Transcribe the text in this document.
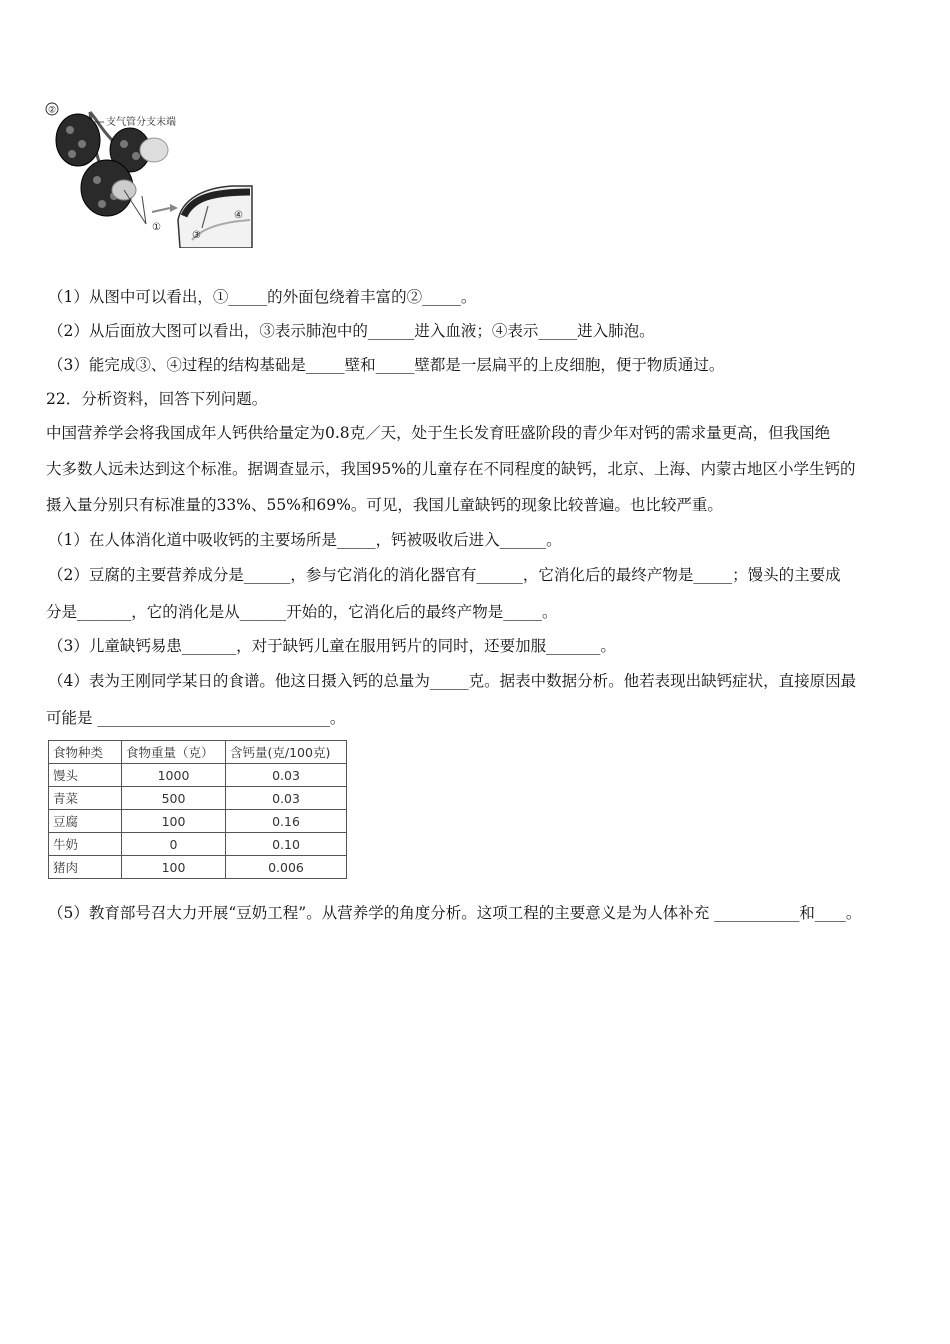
②
支气管分支末端
①
③
④
（1）从图中可以看出，①_____的外面包绕着丰富的②_____。
（2）从后面放大图可以看出，③表示肺泡中的______进入血液；④表示_____进入肺泡。
（3）能完成③、④过程的结构基础是_____壁和_____壁都是一层扁平的上皮细胞，便于物质通过。
22．分析资料，回答下列问题。
中国营养学会将我国成年人钙供给量定为0.8克／天，处于生长发育旺盛阶段的青少年对钙的需求量更高，但我国绝
大多数人远未达到这个标准。据调查显示，我国95%的儿童存在不同程度的缺钙，北京、上海、内蒙古地区小学生钙的
摄入量分别只有标准量的33%、55%和69%。可见，我国儿童缺钙的现象比较普遍。也比较严重。
（1）在人体消化道中吸收钙的主要场所是_____，钙被吸收后进入______。
（2）豆腐的主要营养成分是______，参与它消化的消化器官有______，它消化后的最终产物是_____；馒头的主要成
分是_______，它的消化是从______开始的，它消化后的最终产物是_____。
（3）儿童缺钙易患_______，对于缺钙儿童在服用钙片的同时，还要加服_______。
（4）表为王刚同学某日的食谱。他这日摄入钙的总量为_____克。据表中数据分析。他若表现出缺钙症状，直接原因最
可能是 ______________________________。
食物种类	食物重量（克）	含钙量(克/100克)
馒头	1000	0.03
青菜	500	0.03
豆腐	100	0.16
牛奶	0	0.10
猪肉	100	0.006
（5）教育部号召大力开展“豆奶工程”。从营养学的角度分析。这项工程的主要意义是为人体补充 ___________和____。
